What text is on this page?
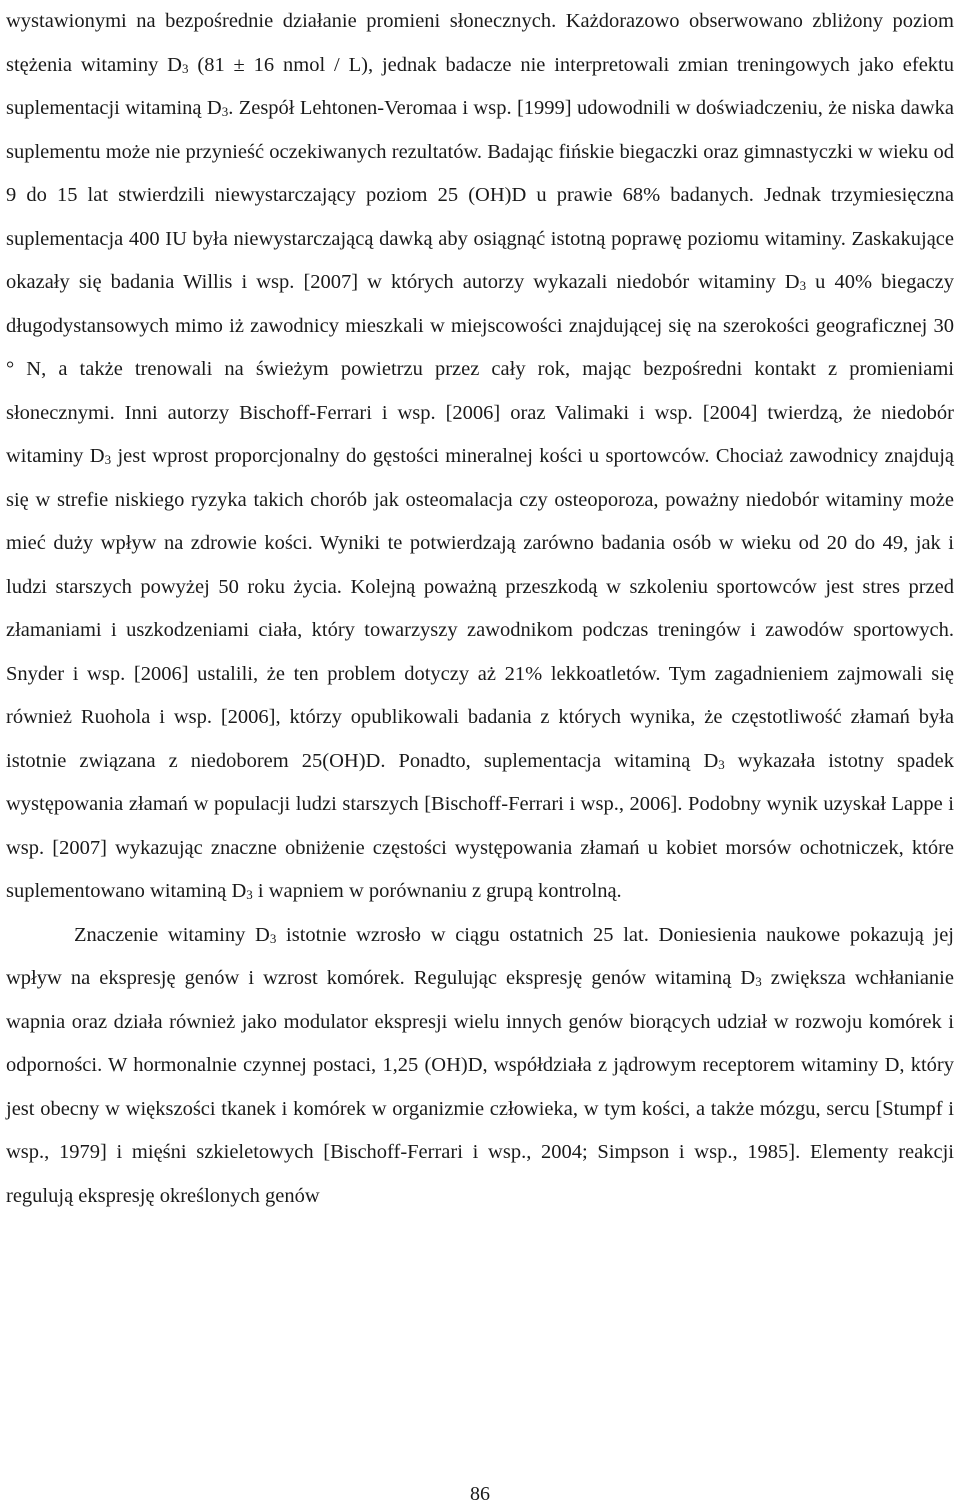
wystawionymi na bezpośrednie działanie promieni słonecznych. Każdorazowo obserwowano zbliżony poziom stężenia witaminy $D_3$ (81 ± 16 nmol / L), jednak badacze nie interpretowali zmian treningowych jako efektu suplementacji witaminą $D_3$. Zespół Lehtonen-Veromaa i wsp. [1999] udowodnili w doświadczeniu, że niska dawka suplementu może nie przynieść oczekiwanych rezultatów. Badając fińskie biegaczki oraz gimnastyczki w wieku od 9 do 15 lat stwierdzili niewystarczający poziom 25 (OH)D u prawie 68% badanych. Jednak trzymiesięczna suplementacja 400 IU była niewystarczającą dawką aby osiągnąć istotną poprawę poziomu witaminy. Zaskakujące okazały się badania Willis i wsp. [2007] w których autorzy wykazali niedobór witaminy $D_3$ u 40% biegaczy długodystansowych mimo iż zawodnicy mieszkali w miejscowości znajdującej się na szerokości geograficznej 30 ° N, a także trenowali na świeżym powietrzu przez cały rok, mając bezpośredni kontakt z promieniami słonecznymi. Inni autorzy Bischoff-Ferrari i wsp. [2006] oraz Valimaki i wsp. [2004] twierdzą, że niedobór witaminy $D_3$ jest wprost proporcjonalny do gęstości mineralnej kości u sportowców. Chociaż zawodnicy znajdują się w strefie niskiego ryzyka takich chorób jak osteomalacja czy osteoporoza, poważny niedobór witaminy może mieć duży wpływ na zdrowie kości. Wyniki te potwierdzają zarówno badania osób w wieku od 20 do 49, jak i ludzi starszych powyżej 50 roku życia. Kolejną poważną przeszkodą w szkoleniu sportowców jest stres przed złamaniami i uszkodzeniami ciała, który towarzyszy zawodnikom podczas treningów i zawodów sportowych. Snyder i wsp. [2006] ustalili, że ten problem dotyczy aż 21% lekkoatletów. Tym zagadnieniem zajmowali się również Ruohola i wsp. [2006], którzy opublikowali badania z których wynika, że częstotliwość złamań była istotnie związana z niedoborem 25(OH)D. Ponadto, suplementacja witaminą $D_3$ wykazała istotny spadek występowania złamań w populacji ludzi starszych [Bischoff-Ferrari i wsp., 2006]. Podobny wynik uzyskał Lappe i wsp. [2007] wykazując znaczne obniżenie częstości występowania złamań u kobiet morsów ochotniczek, które suplementowano witaminą $D_3$ i wapniem w porównaniu z grupą kontrolną.

Znaczenie witaminy $D_3$ istotnie wzrosło w ciągu ostatnich 25 lat. Doniesienia naukowe pokazują jej wpływ na ekspresję genów i wzrost komórek. Regulując ekspresję genów witaminą $D_3$ zwiększa wchłanianie wapnia oraz działa również jako modulator ekspresji wielu innych genów biorących udział w rozwoju komórek i odporności. W hormonalnie czynnej postaci, 1,25 (OH)D, współdziała z jądrowym receptorem witaminy D, który jest obecny w większości tkanek i komórek w organizmie człowieka, w tym kości, a także mózgu, sercu [Stumpf i wsp., 1979] i mięśni szkieletowych [Bischoff-Ferrari i wsp., 2004; Simpson i wsp., 1985]. Elementy reakcji regulują ekspresję określonych genów

86
